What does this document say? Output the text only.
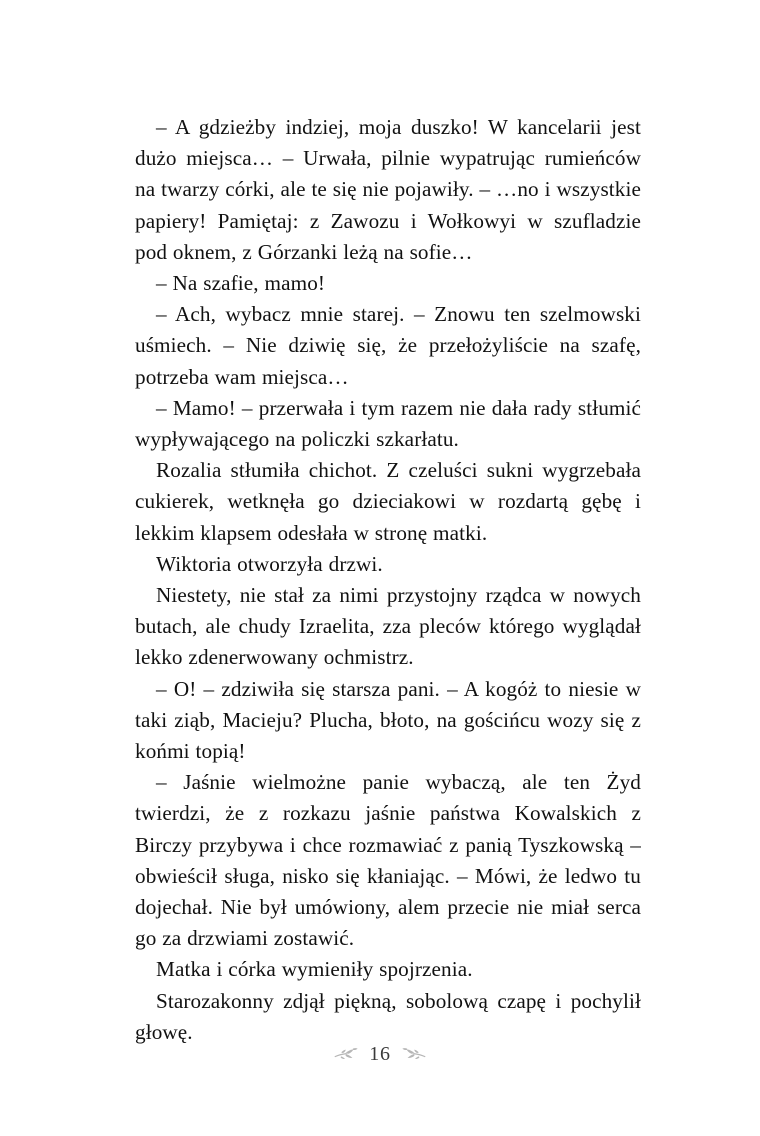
– A gdzieżby indziej, moja duszko! W kancelarii jest dużo miejsca… – Urwała, pilnie wypatrując rumieńców na twarzy córki, ale te się nie pojawiły. – …no i wszystkie papiery! Pamiętaj: z Zawozu i Wołkowyi w szufladzie pod oknem, z Górzanki leżą na sofie…

– Na szafie, mamo!

– Ach, wybacz mnie starej. – Znowu ten szelmowski uśmiech. – Nie dziwię się, że przełożyliście na szafę, potrzeba wam miejsca…

– Mamo! – przerwała i tym razem nie dała rady stłumić wypływającego na policzki szkarłatu.

Rozalia stłumiła chichot. Z czeluści sukni wygrzebała cukierek, wetknęła go dzieciakowi w rozdartą gębę i lekkim klapsem odesłała w stronę matki.

Wiktoria otworzyła drzwi.

Niestety, nie stał za nimi przystojny rządca w nowych butach, ale chudy Izraelita, zza pleców którego wyglądał lekko zdenerwowany ochmistrz.

– O! – zdziwiła się starsza pani. – A kogóż to niesie w taki ziąb, Macieju? Plucha, błoto, na gościńcu wozy się z końmi topią!

– Jaśnie wielmożne panie wybaczą, ale ten Żyd twierdzi, że z rozkazu jaśnie państwa Kowalskich z Birczy przybywa i chce rozmawiać z panią Tyszkowską – obwieścił sługa, nisko się kłaniając. – Mówi, że ledwo tu dojechał. Nie był umówiony, alem przecie nie miał serca go za drzwiami zostawić.

Matka i córka wymieniły spojrzenia.

Starozakonny zdjął piękną, sobolową czapę i pochylił głowę.

16
